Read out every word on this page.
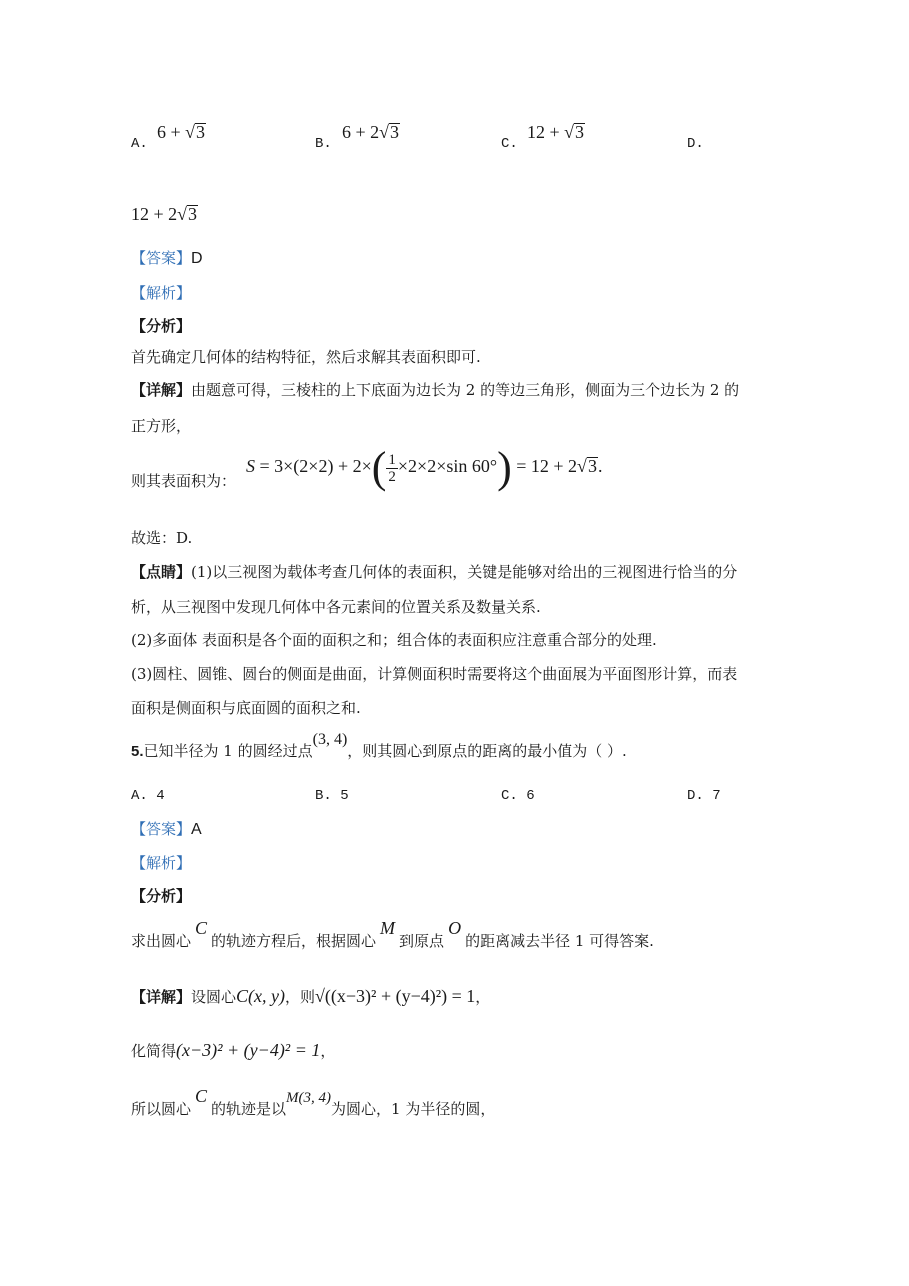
A.
6 + √3
B.
6 + 2√3
C.
12 + √3
D.
12 + 2√3
【答案】D
【解析】
【分析】
首先确定几何体的结构特征，然后求解其表面积即可.
【详解】由题意可得，三棱柱的上下底面为边长为 2 的等边三角形，侧面为三个边长为 2 的
正方形，
则其表面积为：
$S = 3\times(2\times 2) + 2\times( \frac{1}{2} \times 2\times 2\times\sin$ 60°) = 12 + 2√3.
故选：D.
【点睛】(1)以三视图为载体考查几何体的表面积，关键是能够对给出的三视图进行恰当的分
析，从三视图中发现几何体中各元素间的位置关系及数量关系.
(2)多面体 表面积是各个面的面积之和；组合体的表面积应注意重合部分的处理.
(3)圆柱、圆锥、圆台的侧面是曲面，计算侧面积时需要将这个曲面展为平面图形计算，而表
面积是侧面积与底面圆的面积之和.
5.已知半径为 1 的圆经过点(3, 4)，则其圆心到原点的距离的最小值为（ ）.
A. 4	B. 5	C. 6	D. 7
【答案】A
【解析】
【分析】
求出圆心C的轨迹方程后，根据圆心M到原点O的距离减去半径 1 可得答案.
【详解】设圆心C(x, y)，则√((x−3)² + (y−4)²) = 1，
化简得(x−3)² + (y−4)² = 1，
所以圆心C的轨迹是以M(3, 4)为圆心，1 为半径的圆，
